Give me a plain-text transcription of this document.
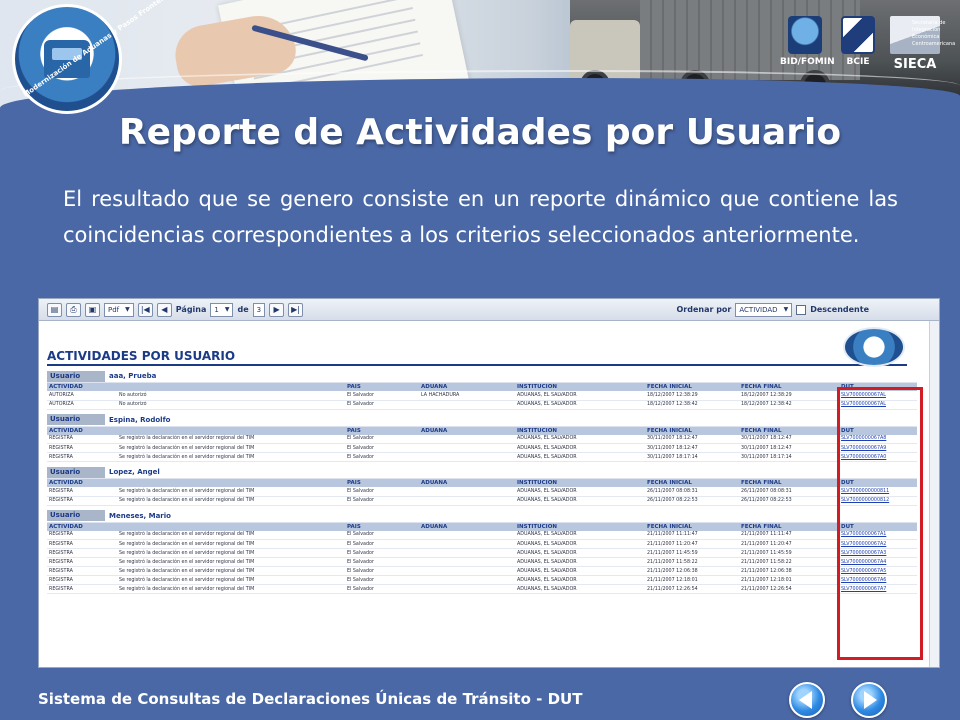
Modernización de Aduanas
BID/FOMIN	BCIE	SIECA
Secretaría de Integración Económica Centroamericana
Reporte de Actividades por Usuario
El resultado que se genero consiste en un reporte dinámico que contiene las coincidencias correspondientes a los criterios seleccionados anteriormente.
▤	⎙	▣	Pdf ▼	|◀	◀	Página 1 ▼ de 3	▶	▶|	Ordenar por ACTIVIDAD ▼	Descendente
ACTIVIDADES POR USUARIO
Usuario	aaa, Prueba
ACTIVIDAD		PAIS	ADUANA	INSTITUCION	FECHA INICIAL	FECHA FINAL	DUT
AUTORIZA	No autorizó	El Salvador	LA HACHADURA	ADUANAS, EL SALVADOR	18/12/2007 12:38:29	18/12/2007 12:38:29	SLV7000000067AL
AUTORIZA	No autorizó	El Salvador		ADUANAS, EL SALVADOR	18/12/2007 12:38:42	18/12/2007 12:38:42	SLV7000000067AL
Usuario	Espina, Rodolfo
ACTIVIDAD		PAIS	ADUANA	INSTITUCION	FECHA INICIAL	FECHA FINAL	DUT
REGISTRA	Se registró la declaración en el servidor regional del TIM	El Salvador		ADUANAS, EL SALVADOR	30/11/2007 18:12:47	30/11/2007 18:12:47	SLV7000000067A8
REGISTRA	Se registró la declaración en el servidor regional del TIM	El Salvador		ADUANAS, EL SALVADOR	30/11/2007 18:12:47	30/11/2007 18:12:47	SLV7000000067A9
REGISTRA	Se registró la declaración en el servidor regional del TIM	El Salvador		ADUANAS, EL SALVADOR	30/11/2007 18:17:14	30/11/2007 18:17:14	SLV7000000067A0
Usuario	Lopez, Angel
ACTIVIDAD		PAIS	ADUANA	INSTITUCION	FECHA INICIAL	FECHA FINAL	DUT
REGISTRA	Se registró la declaración en el servidor regional del TIM	El Salvador		ADUANAS, EL SALVADOR	26/11/2007 08:08:31	26/11/2007 08:08:31	SLV7000000000811
REGISTRA	Se registró la declaración en el servidor regional del TIM	El Salvador		ADUANAS, EL SALVADOR	26/11/2007 08:22:53	26/11/2007 08:22:53	SLV7000000000812
Usuario	Meneses, Mario
ACTIVIDAD		PAIS	ADUANA	INSTITUCION	FECHA INICIAL	FECHA FINAL	DUT
REGISTRA	Se registró la declaración en el servidor regional del TIM	El Salvador		ADUANAS, EL SALVADOR	21/11/2007 11:11:47	21/11/2007 11:11:47	SLV7000000067A1
REGISTRA	Se registró la declaración en el servidor regional del TIM	El Salvador		ADUANAS, EL SALVADOR	21/11/2007 11:20:47	21/11/2007 11:20:47	SLV7000000067A2
REGISTRA	Se registró la declaración en el servidor regional del TIM	El Salvador		ADUANAS, EL SALVADOR	21/11/2007 11:45:59	21/11/2007 11:45:59	SLV7000000067A3
REGISTRA	Se registró la declaración en el servidor regional del TIM	El Salvador		ADUANAS, EL SALVADOR	21/11/2007 11:58:22	21/11/2007 11:58:22	SLV7000000067A4
REGISTRA	Se registró la declaración en el servidor regional del TIM	El Salvador		ADUANAS, EL SALVADOR	21/11/2007 12:06:38	21/11/2007 12:06:38	SLV7000000067A5
REGISTRA	Se registró la declaración en el servidor regional del TIM	El Salvador		ADUANAS, EL SALVADOR	21/11/2007 12:18:01	21/11/2007 12:18:01	SLV7000000067A6
REGISTRA	Se registró la declaración en el servidor regional del TIM	El Salvador		ADUANAS, EL SALVADOR	21/11/2007 12:26:54	21/11/2007 12:26:54	SLV7000000067A7
Sistema de Consultas de Declaraciones Únicas de Tránsito - DUT
